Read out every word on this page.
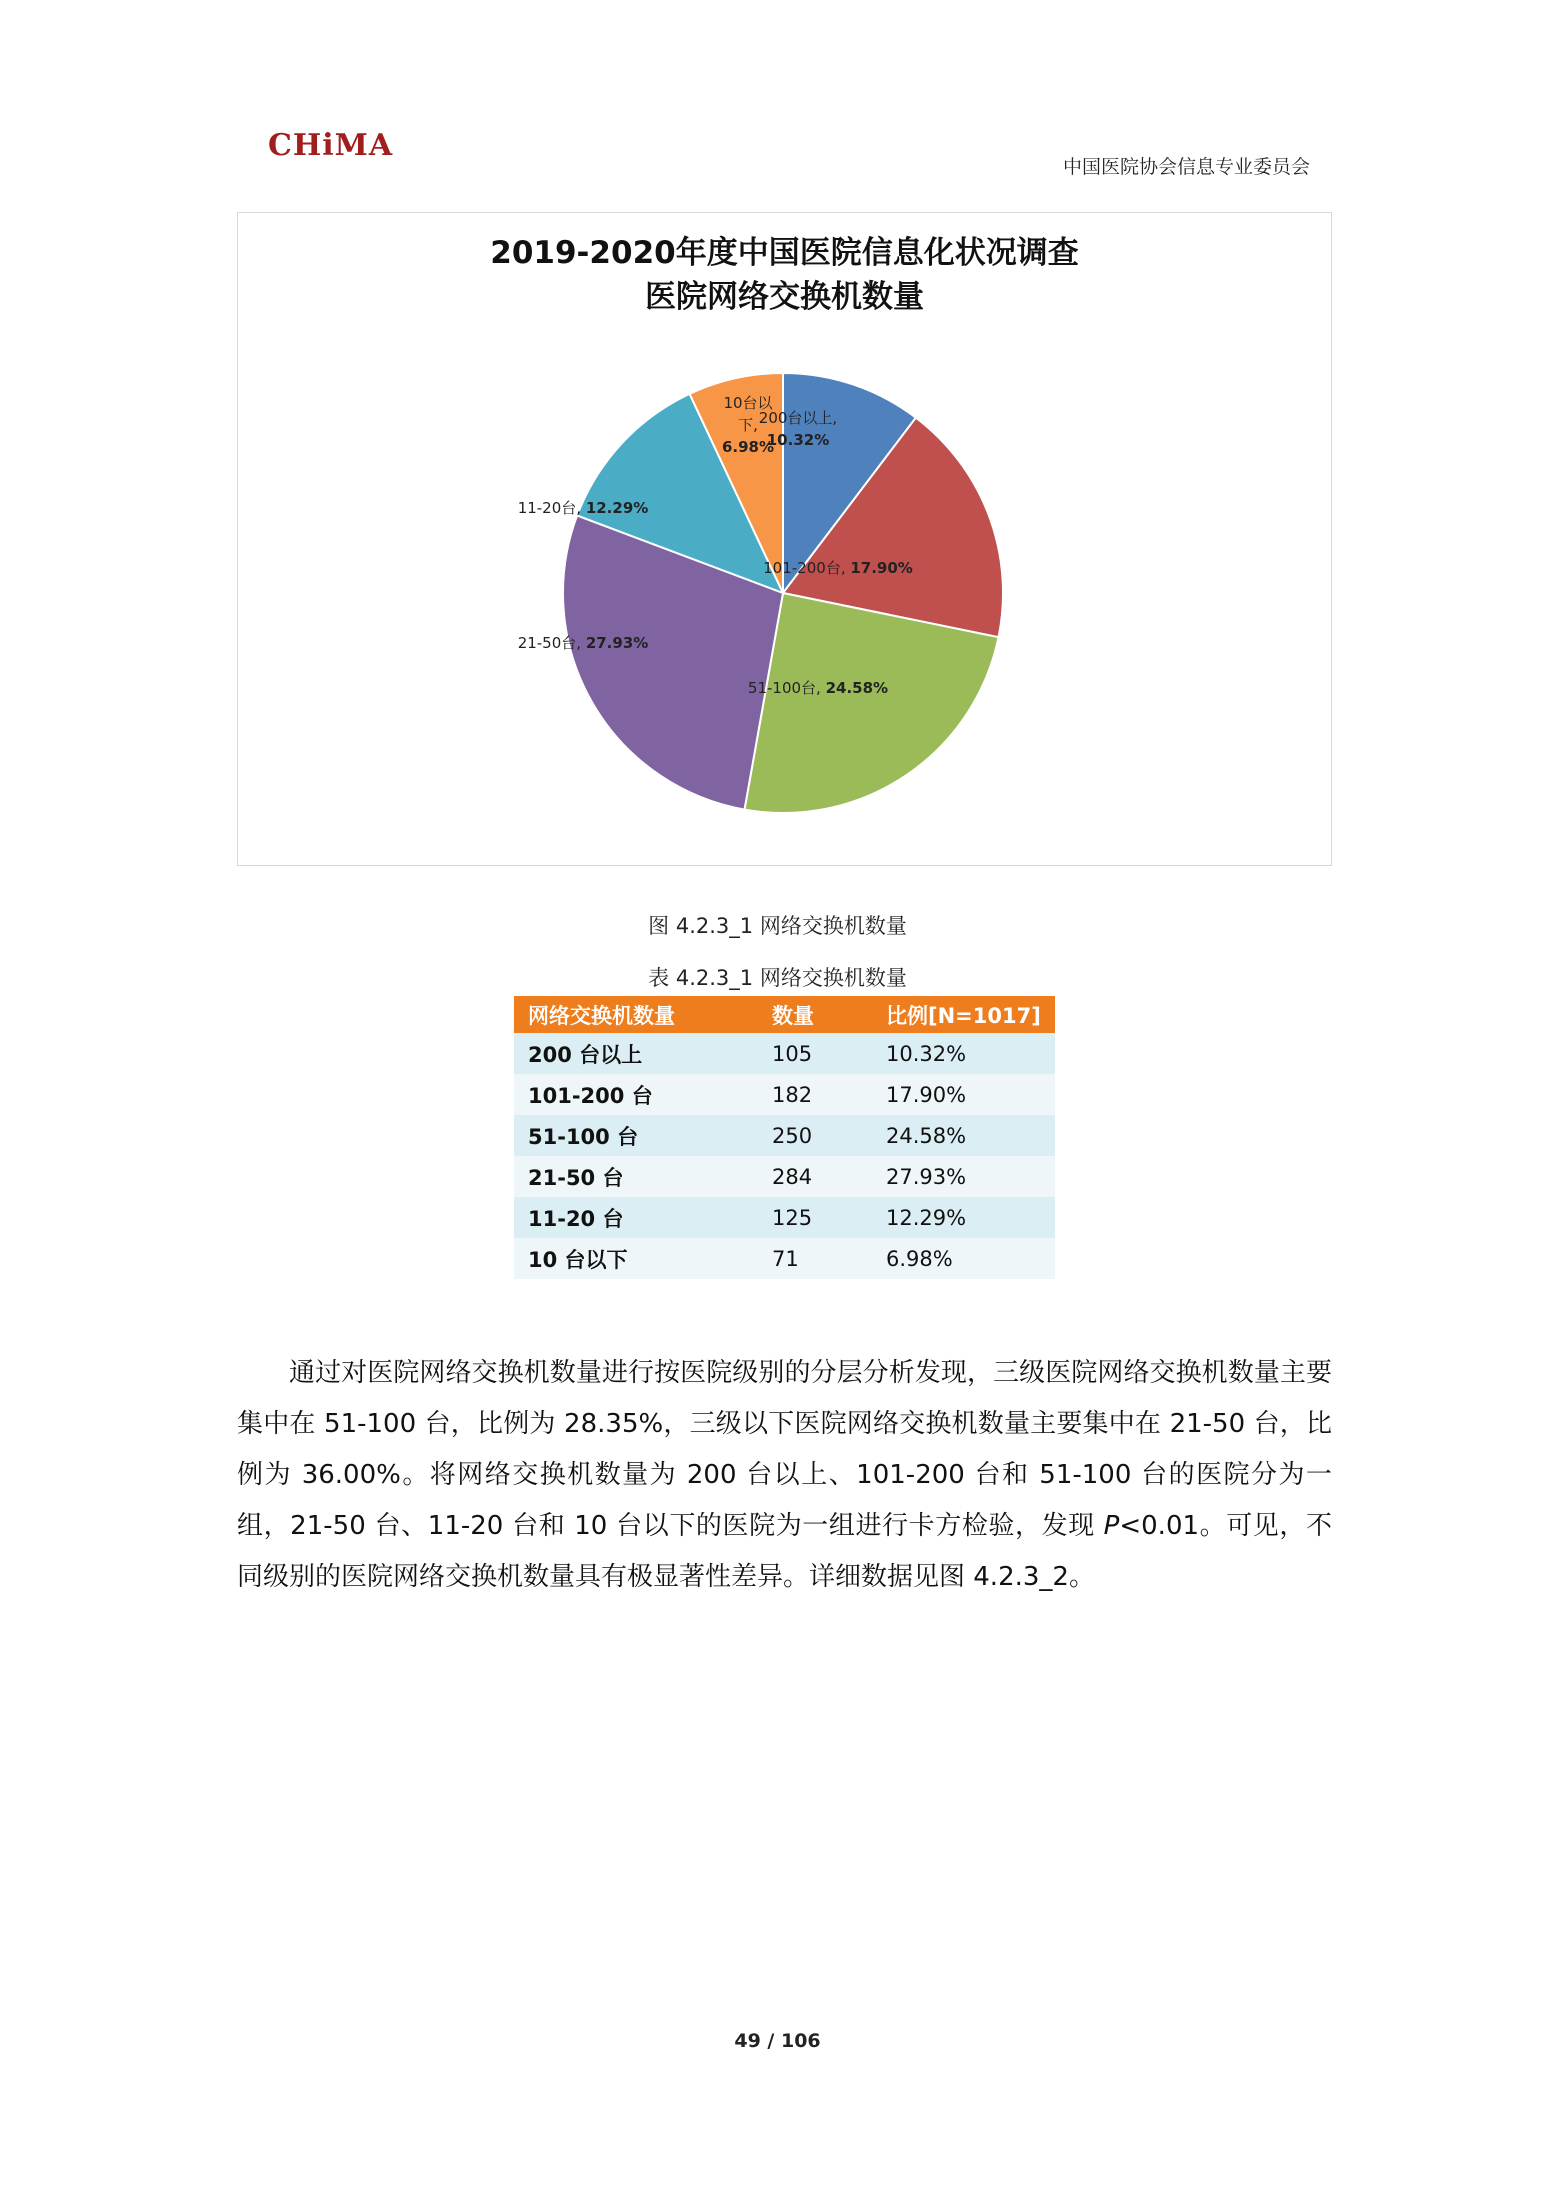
CHiMA
中国医院协会信息专业委员会
2019-2020年度中国医院信息化状况调查
医院网络交换机数量
200台以上, 10.32%
101-200台, 17.90%
51-100台, 24.58%
21-50台, 27.93%
11-20台, 12.29%
10台以下, 6.98%
图 4.2.3_1 网络交换机数量
表 4.2.3_1 网络交换机数量
网络交换机数量	数量	比例[N=1017]
200 台以上	105	10.32%
101-200 台	182	17.90%
51-100 台	250	24.58%
21-50 台	284	27.93%
11-20 台	125	12.29%
10 台以下	71	6.98%

通过对医院网络交换机数量进行按医院级别的分层分析发现，三级医院网络交换机数量主要集中在 51-100 台，比例为 28.35%，三级以下医院网络交换机数量主要集中在 21-50 台，比例为 36.00%。将网络交换机数量为 200 台以上、101-200 台和 51-100 台的医院分为一组，21-50 台、11-20 台和 10 台以下的医院为一组进行卡方检验，发现 P<0.01。可见，不同级别的医院网络交换机数量具有极显著性差异。详细数据见图 4.2.3_2。

49 / 106
